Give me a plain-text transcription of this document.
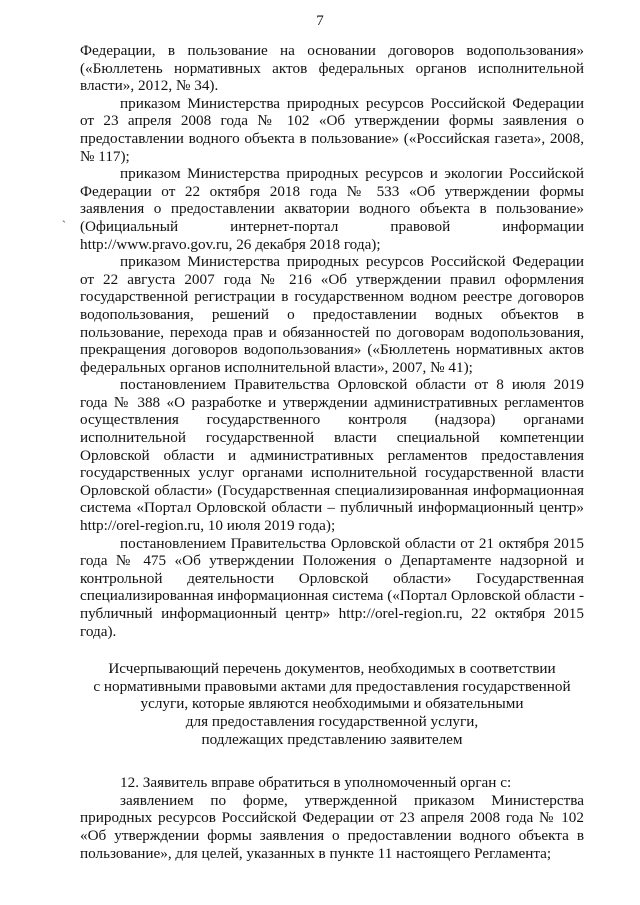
7
`

Федерации, в пользование на основании договоров водопользования» («Бюллетень нормативных актов федеральных органов исполнительной власти», 2012, № 34).

приказом Министерства природных ресурсов Российской Федерации от 23 апреля 2008 года № 102 «Об утверждении формы заявления о предоставлении водного объекта в пользование» («Российская газета», 2008, № 117);

приказом Министерства природных ресурсов и экологии Российской Федерации от 22 октября 2018 года № 533 «Об утверждении формы заявления о предоставлении акватории водного объекта в пользование» (Официальный интернет-портал правовой информации http://www.pravo.gov.ru, 26 декабря 2018 года);

приказом Министерства природных ресурсов Российской Федерации от 22 августа 2007 года № 216 «Об утверждении правил оформления государственной регистрации в государственном водном реестре договоров водопользования, решений о предоставлении водных объектов в пользование, перехода прав и обязанностей по договорам водопользования, прекращения договоров водопользования» («Бюллетень нормативных актов федеральных органов исполнительной власти», 2007, № 41);

постановлением Правительства Орловской области от 8 июля 2019 года № 388 «О разработке и утверждении административных регламентов осуществления государственного контроля (надзора) органами исполнительной государственной власти специальной компетенции Орловской области и административных регламентов предоставления государственных услуг органами исполнительной государственной власти Орловской области» (Государственная специализированная информационная система «Портал Орловской области – публичный информационный центр» http://orel-region.ru, 10 июля 2019 года);

постановлением Правительства Орловской области от 21 октября 2015 года № 475 «Об утверждении Положения о Департаменте надзорной и контрольной деятельности Орловской области» Государственная специализированная информационная система («Портал Орловской области - публичный информационный центр» http://orel-region.ru, 22 октября 2015 года).

Исчерпывающий перечень документов, необходимых в соответствии
с нормативными правовыми актами для предоставления государственной
услуги, которые являются необходимыми и обязательными
для предоставления государственной услуги,
подлежащих представлению заявителем

12. Заявитель вправе обратиться в уполномоченный орган с:

заявлением по форме, утвержденной приказом Министерства природных ресурсов Российской Федерации от 23 апреля 2008 года № 102 «Об утверждении формы заявления о предоставлении водного объекта в пользование», для целей, указанных в пункте 11 настоящего Регламента;
